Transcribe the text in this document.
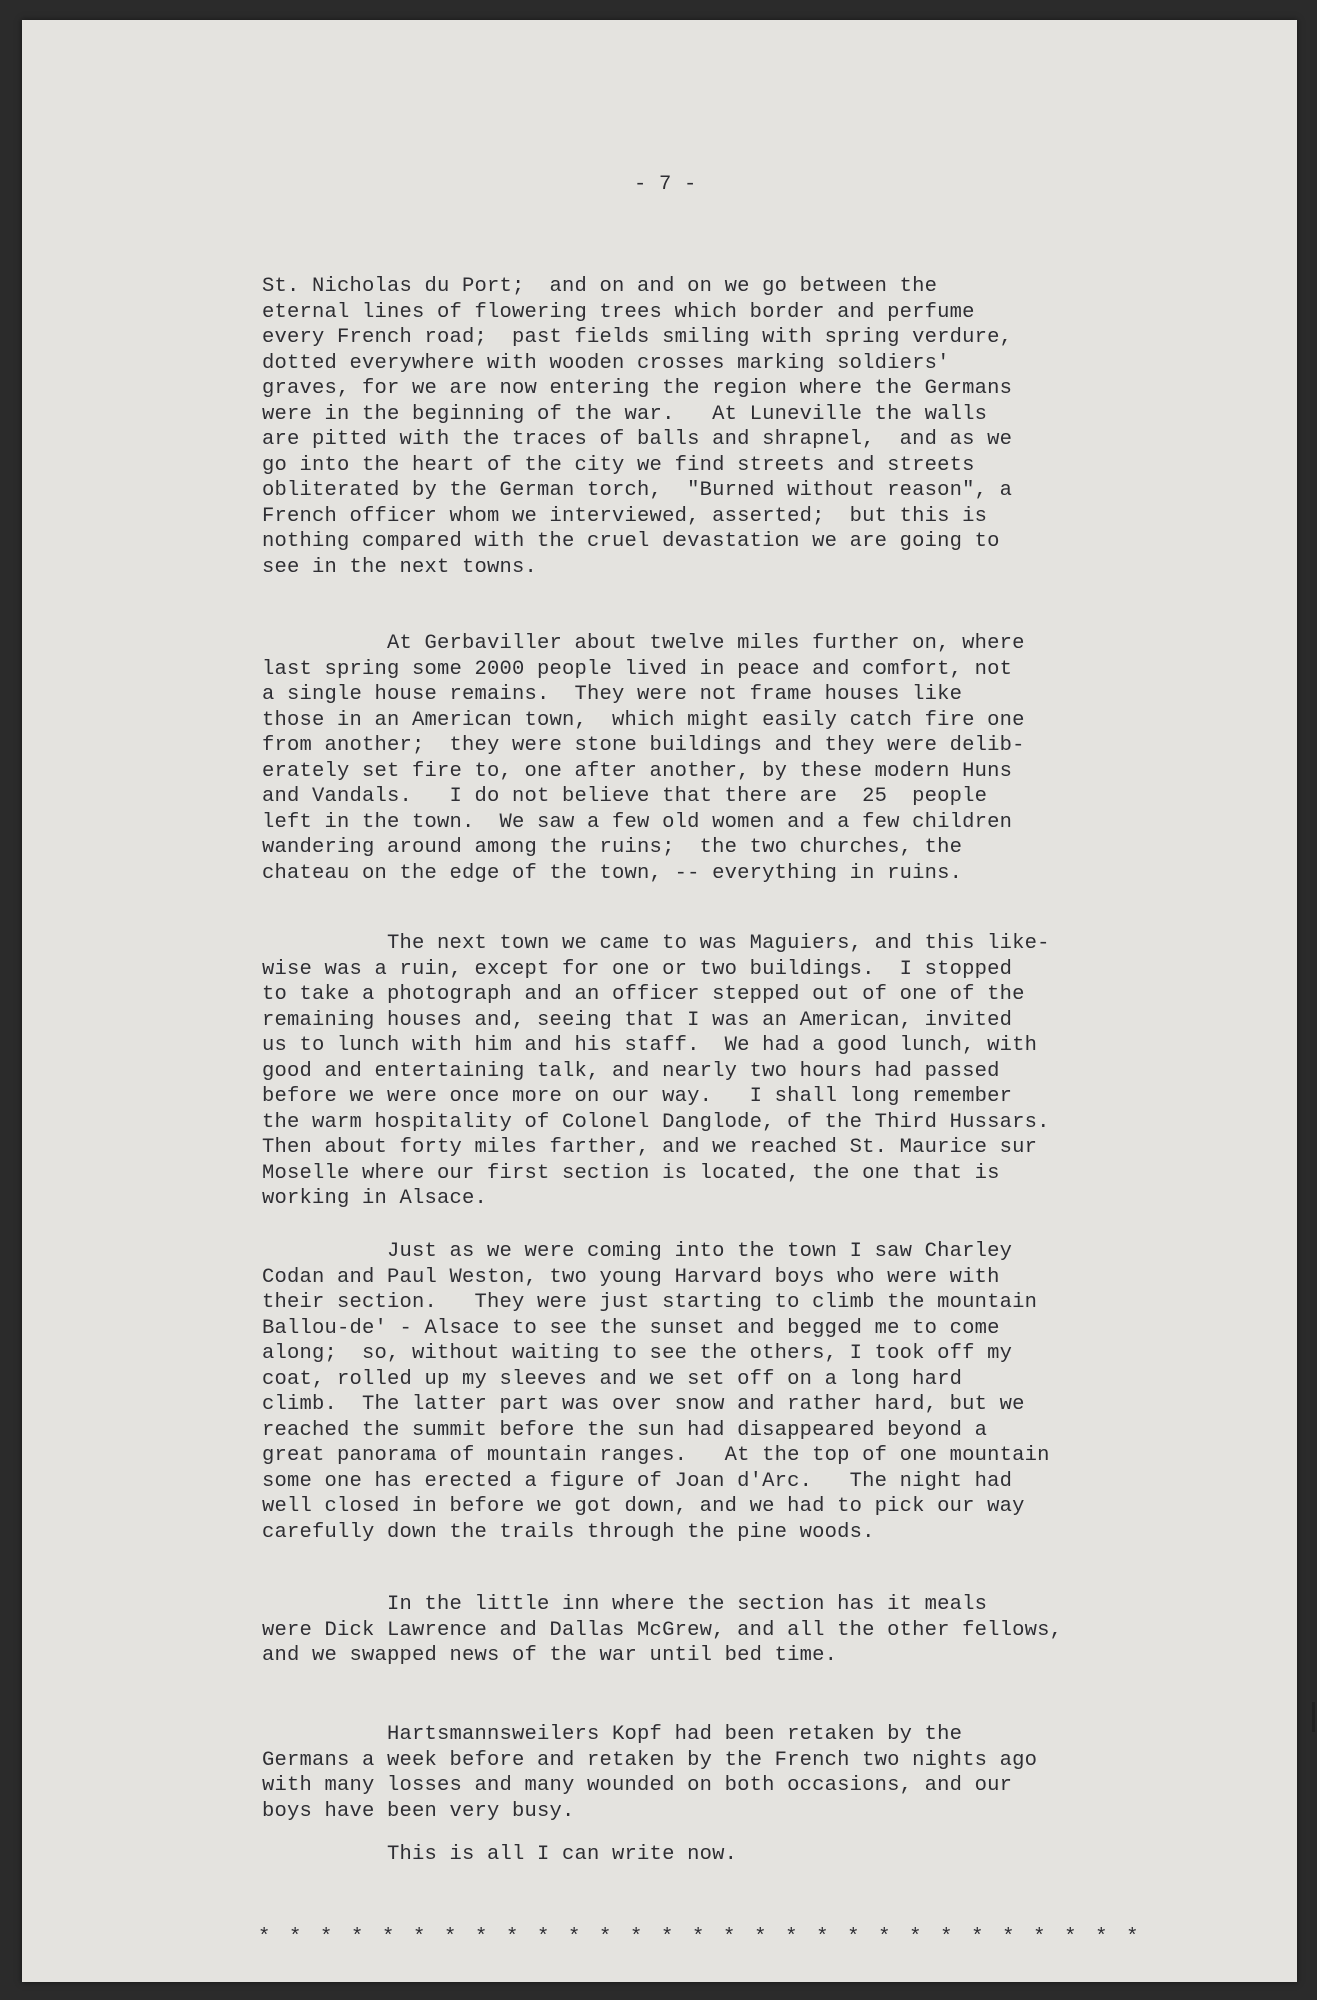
- 7 -
St. Nicholas du Port;  and on and on we go between the
eternal lines of flowering trees which border and perfume
every French road;  past fields smiling with spring verdure,
dotted everywhere with wooden crosses marking soldiers'
graves, for we are now entering the region where the Germans
were in the beginning of the war.   At Luneville the walls
are pitted with the traces of balls and shrapnel,  and as we
go into the heart of the city we find streets and streets
obliterated by the German torch,  "Burned without reason", a
French officer whom we interviewed, asserted;  but this is
nothing compared with the cruel devastation we are going to
see in the next towns.
At Gerbaviller about twelve miles further on, where
last spring some 2000 people lived in peace and comfort, not
a single house remains.  They were not frame houses like
those in an American town,  which might easily catch fire one
from another;  they were stone buildings and they were delib-
erately set fire to, one after another, by these modern Huns
and Vandals.   I do not believe that there are  25  people
left in the town.  We saw a few old women and a few children
wandering around among the ruins;  the two churches, the
chateau on the edge of the town, -- everything in ruins.
The next town we came to was Maguiers, and this like-
wise was a ruin, except for one or two buildings.  I stopped
to take a photograph and an officer stepped out of one of the
remaining houses and, seeing that I was an American, invited
us to lunch with him and his staff.  We had a good lunch, with
good and entertaining talk, and nearly two hours had passed
before we were once more on our way.   I shall long remember
the warm hospitality of Colonel Danglode, of the Third Hussars.
Then about forty miles farther, and we reached St. Maurice sur
Moselle where our first section is located, the one that is
working in Alsace.
Just as we were coming into the town I saw Charley
Codan and Paul Weston, two young Harvard boys who were with
their section.   They were just starting to climb the mountain
Ballou-de' - Alsace to see the sunset and begged me to come
along;  so, without waiting to see the others, I took off my
coat, rolled up my sleeves and we set off on a long hard
climb.  The latter part was over snow and rather hard, but we
reached the summit before the sun had disappeared beyond a
great panorama of mountain ranges.   At the top of one mountain
some one has erected a figure of Joan d'Arc.   The night had
well closed in before we got down, and we had to pick our way
carefully down the trails through the pine woods.
In the little inn where the section has it meals
were Dick Lawrence and Dallas McGrew, and all the other fellows,
and we swapped news of the war until bed time.
Hartsmannsweilers Kopf had been retaken by the
Germans a week before and retaken by the French two nights ago
with many losses and many wounded on both occasions, and our
boys have been very busy.
This is all I can write now.
* * * * * * * * * * * * * * * * * * * * * * * * * * * * *
